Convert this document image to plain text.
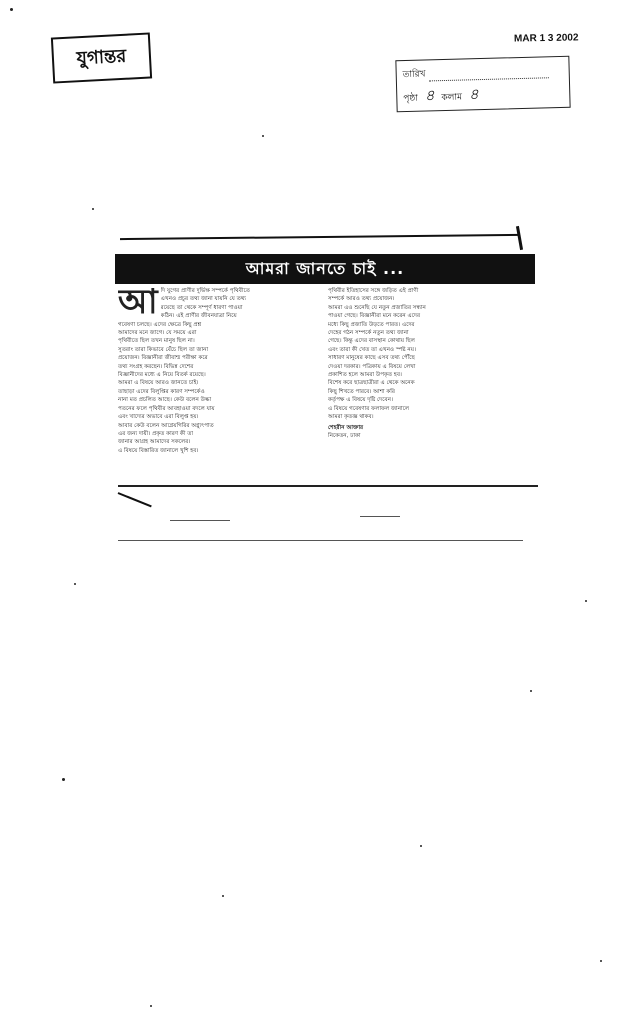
যুগান্তর
MAR 1 3 2002
তারিখ
পৃষ্ঠা ৪ কলাম ৪
আমরা জানতে চাই ...
আ দি যুগের প্রাণীর দুর্ভিক্ষ সম্পর্কে পৃথিবীতে
এখনও প্রচুর তথ্য জানা যায়নি যে তথ্য
রয়েছে তা থেকে সম্পূর্ণ ধারণা পাওয়া
কঠিন। এই প্রাণীর জীবনযাত্রা নিয়ে
গবেষণা চলছে। এদের ক্ষেত্রে কিছু প্রশ্ন
আমাদের মনে জাগে। যে সময়ে এরা
পৃথিবীতে ছিল তখন মানুষ ছিল না।
সুতরাং তারা কিভাবে বেঁচে ছিল তা জানা
প্রয়োজন। বিজ্ঞানীরা জীবাশ্ম পরীক্ষা করে
তথ্য সংগ্রহ করছেন। বিভিন্ন দেশের
বিজ্ঞানীদের মধ্যে এ নিয়ে বিতর্ক রয়েছে।
আমরা এ বিষয়ে আরও জানতে চাই।
তাছাড়া এদের বিলুপ্তির কারণ সম্পর্কেও
নানা মত প্রচলিত আছে। কেউ বলেন উল্কা
পতনের ফলে পৃথিবীর আবহাওয়া বদলে যায়
এবং খাদ্যের অভাবে এরা বিলুপ্ত হয়।
আবার কেউ বলেন আগ্নেয়গিরির অগ্ন্যুৎপাত
এর জন্য দায়ী। প্রকৃত কারণ কী তা
জানার আগ্রহ আমাদের সকলের।
এ বিষয়ে বিস্তারিত জানালে খুশি হব।
পৃথিবীর ইতিহাসের সঙ্গে জড়িত এই প্রাণী
সম্পর্কে আরও তথ্য প্রয়োজন।
আমরা এও শুনেছি যে নতুন প্রজাতির সন্ধান
পাওয়া গেছে। বিজ্ঞানীরা মনে করেন এদের
মধ্যে কিছু প্রজাতি উড়তে পারত। এদের
দেহের গঠন সম্পর্কে নতুন তথ্য জানা
গেছে। কিন্তু এদের বাসস্থান কোথায় ছিল
এবং তারা কী খেত তা এখনও স্পষ্ট নয়।
সাধারণ মানুষের কাছে এসব তথ্য পৌঁছে
দেওয়া দরকার। পত্রিকায় এ বিষয়ে লেখা
প্রকাশিত হলে আমরা উপকৃত হব।
বিশেষ করে ছাত্রছাত্রীরা এ থেকে অনেক
কিছু শিখতে পারবে। আশা করি
কর্তৃপক্ষ এ বিষয়ে দৃষ্টি দেবেন।
এ বিষয়ে গবেষণার ফলাফল জানালে
আমরা কৃতজ্ঞ থাকব।
শেহরীন আক্তার
নিকেতন, ঢাকা
